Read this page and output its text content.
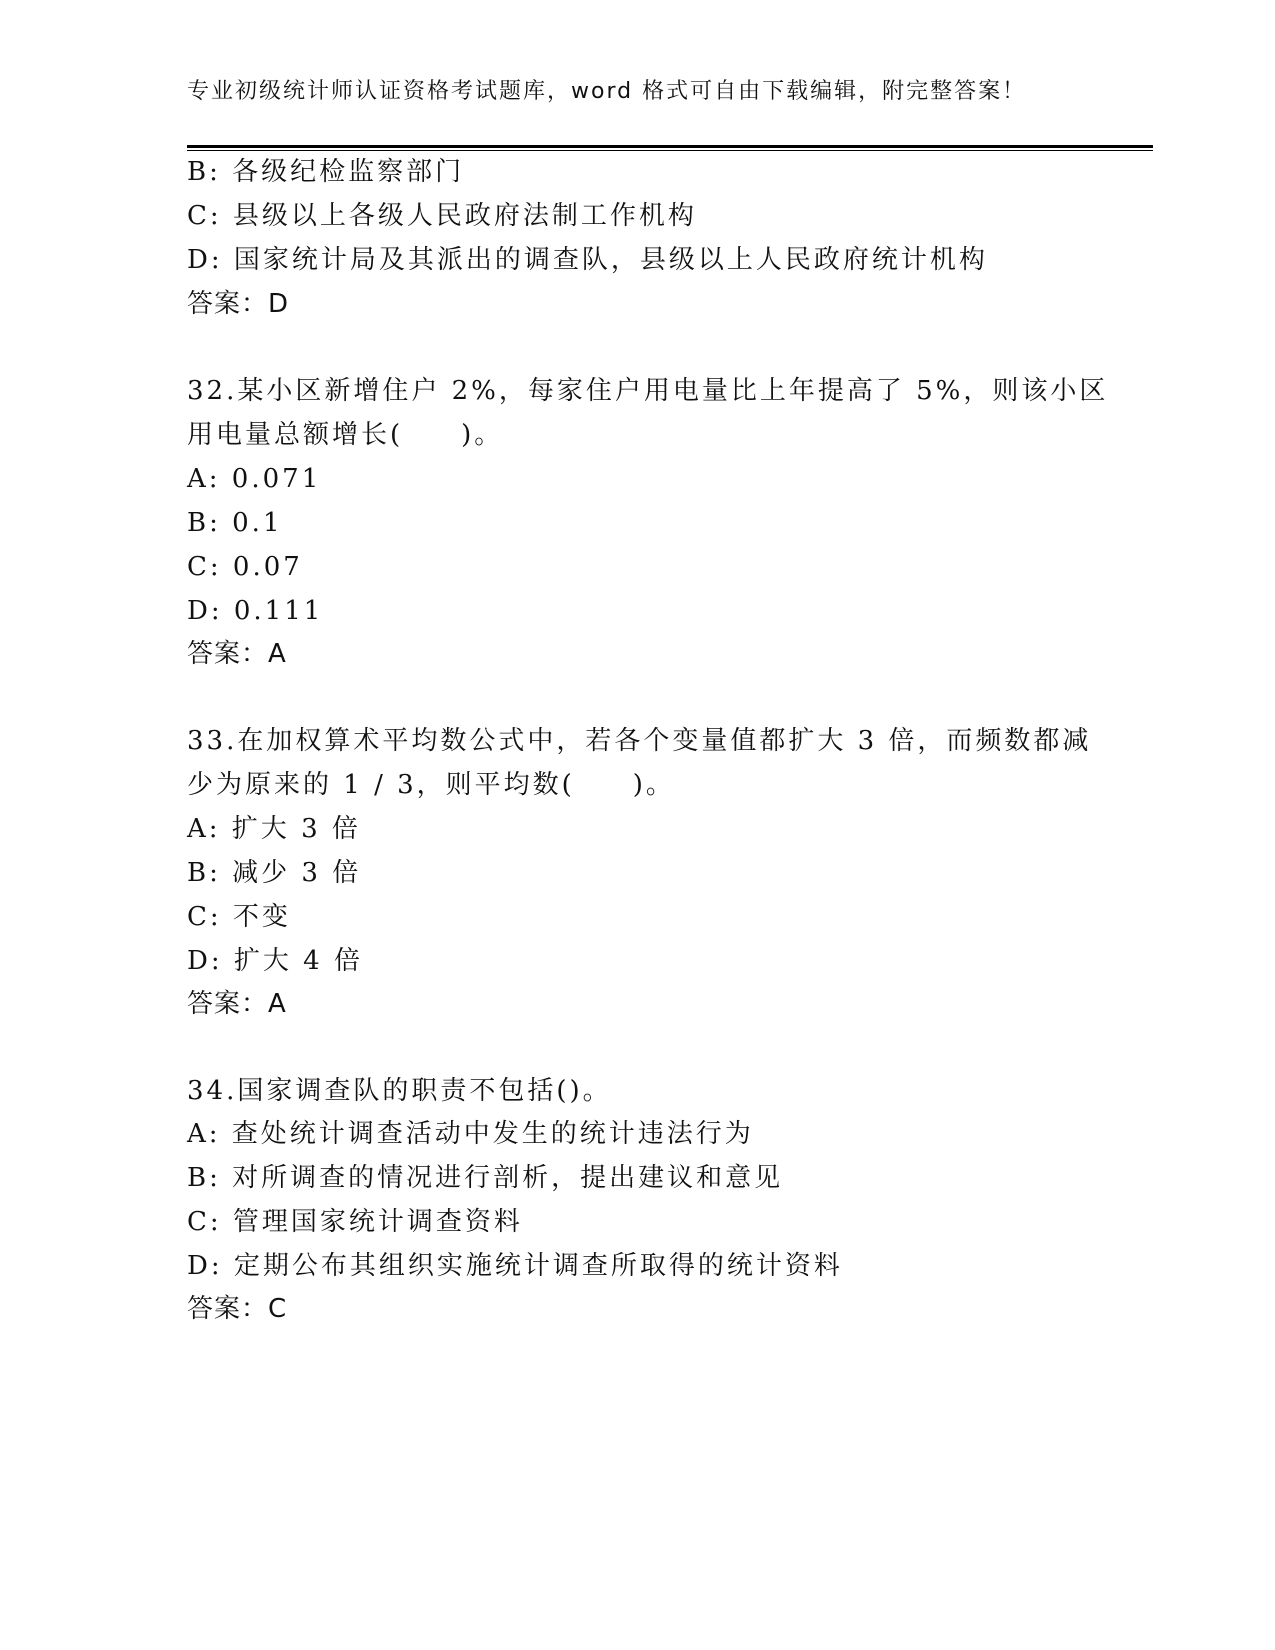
专业初级统计师认证资格考试题库，word 格式可自由下载编辑，附完整答案！
B: 各级纪检监察部门
C: 县级以上各级人民政府法制工作机构
D: 国家统计局及其派出的调查队，县级以上人民政府统计机构
答案：D
32.某小区新增住户 2%，每家住户用电量比上年提高了 5%，则该小区
用电量总额增长(　　)。
A: 0.071
B: 0.1
C: 0.07
D: 0.111
答案：A
33.在加权算术平均数公式中，若各个变量值都扩大 3 倍，而频数都减
少为原来的 1 / 3，则平均数(　　)。
A: 扩大 3 倍
B: 减少 3 倍
C: 不变
D: 扩大 4 倍
答案：A
34.国家调查队的职责不包括()。
A: 查处统计调查活动中发生的统计违法行为
B: 对所调查的情况进行剖析，提出建议和意见
C: 管理国家统计调查资料
D: 定期公布其组织实施统计调查所取得的统计资料
答案：C
